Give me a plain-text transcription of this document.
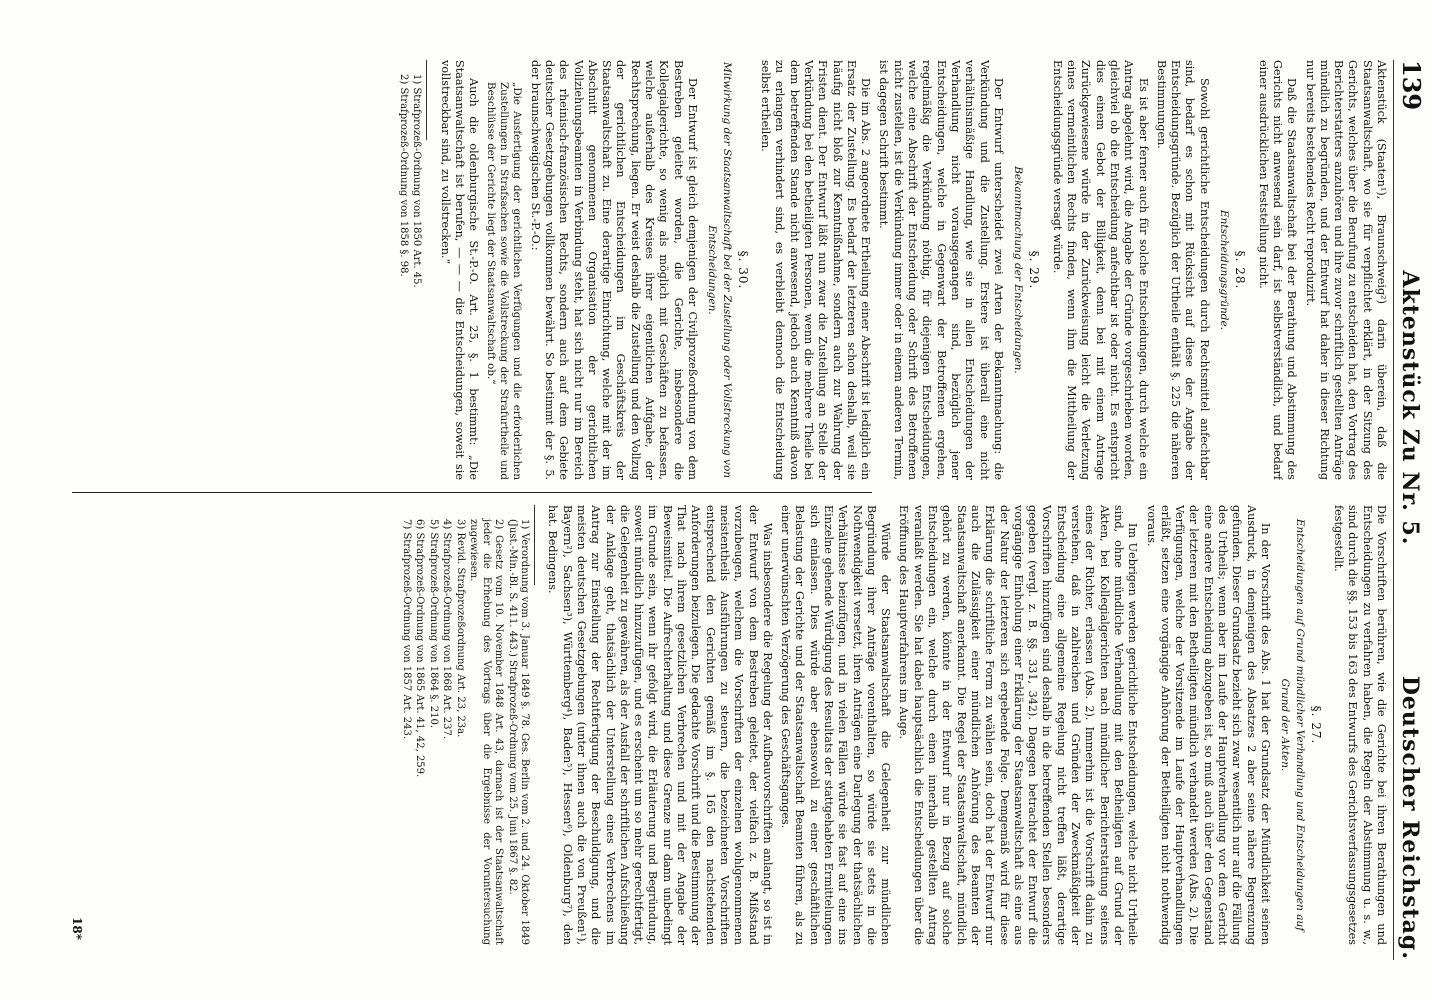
139
Aktenstück Zu Nr. 5.
Deutscher Reichstag.

Aktenstück (Staaten¹), Braunschweig²) darin überein, daß die Staatsanwaltschaft, wo sie für verpflichtet erklärt, in der Sitzung des Gerichts, welches über die Berufung zu entscheiden hat, den Vortrag des Berichterstatters anzuhören und ihre zuvor schriftlich gestellten Anträge mündlich zu begründen, und der Entwurf hat daher in dieser Richtung nur bereits bestehendes Recht reproduzirt.

Daß die Staatsanwaltschaft bei der Berathung und Abstimmung des Gerichts nicht anwesend sein darf, ist selbstverständlich, und bedarf einer ausdrücklichen Feststellung nicht.

§. 28.
Entscheidungsgründe.

Sowohl gerichtliche Entscheidungen durch Rechtsmittel anfechtbar sind, bedarf es schon mit Rücksicht auf diese der Angabe der Entscheidungsgründe. Bezüglich der Urtheile enthält §. 225 die näheren Bestimmungen.

Es ist aber ferner auch für solche Entscheidungen, durch welche ein Antrag abgelehnt wird, die Angabe der Gründe vorgeschrieben worden, gleichviel ob die Entscheidung anfechtbar ist oder nicht. Es entspricht dies einem Gebot der Billigkeit, denn bei mit einem Antrage Zurückgewiesene würde in der Zurückweisung leicht die Verletzung eines vermeintlichen Rechts finden, wenn ihm die Mittheilung der Entscheidungsgründe versagt würde.

§. 29.
Bekanntmachung der Entscheidungen.

Der Entwurf unterscheidet zwei Arten der Bekanntmachung: die Verkündung und die Zustellung. Erstere ist überall eine nicht verhältnismäßige Handlung, wie sie in allen Entscheidungen der Verhandlung nicht vorausgegangen sind, bezüglich jener Entscheidungen, welche in Gegenwart der Betroffenen ergehen, regelmäßig die Verkündung nöthig, für diejenigen Entscheidungen, welche eine Abschrift der Entscheidung oder Schrift des Betroffenen nicht zustellen, ist die Verkündung immer oder in einem anderen Termin, ist dagegen Schrift bestimmt.

Die im Abs. 2 angeordnete Ertheilung einer Abschrift ist lediglich ein Ersatz der Zustellung. Es bedarf der letzteren schon deshalb, weil sie häufig nicht bloß zur Kenntnißnahme, sondern auch zur Wahrung der Fristen dient. Der Entwurf läßt nun zwar die Zustellung an Stelle der Verkündung bei den betheiligten Personen, wenn die mehrere Theile bei dem betreffenden Stande nicht anwesend, jedoch auch Kenntniß davon zu erlangen verhindert sind, es verbleibt dennoch die Entscheidung selbst ertheilen.

§. 30.
Mitwirkung der Staatsanwaltschaft bei der Zustellung oder Vollstreckung von Entscheidungen.

Der Entwurf ist gleich demjenigen der Civilprozeßordnung von dem Bestreben geleitet worden, die Gerichte, insbesondere die Kollegialgerichte, so wenig als möglich mit Geschäften zu befassen, welche außerhalb des Kreises ihrer eigentlichen Aufgabe, der Rechtsprechung, liegen. Er weist deshalb die Zustellung und den Vollzug der gerichtlichen Entscheidungen im Geschäftskreis der Staatsanwaltschaft zu. Eine derartige Einrichtung, welche mit der im Abschnitt genommenen Organisation der gerichtlichen Vollziehungsbeamten in Verbindung steht, hat sich nicht nur im Bereich des rheinisch-französischen Rechts, sondern auch auf dem Gebiete deutscher Gesetzgebungen vollkommen bewährt. So bestimmt der §. 5. der braunschweigischen St.-P.-O.:

„Die Ausfertigung der gerichtlichen Verfügungen und die erforderlichen Zustellungen in Strafsachen sowie die Vollstreckung der Strafurtheile und Beschlüsse der Gerichte liegt der Staatsanwaltschaft ob.“

Auch die oldenburgische St.-P.-O. Art. 25, §. 1 bestimmt: „Die Staatsanwaltschaft ist berufen, — — — die Entscheidungen, soweit sie vollstreckbar sind, zu vollstrecken.“

1) Strafprozeß-Ordnung von 1850 Art. 45.

2) Strafprozeß-Ordnung von 1858 §. 98.

Die Vorschriften berühren, wie die Gerichte bei ihren Berathungen und Entscheidungen zu verfahren haben, die Regeln der Abstimmung u. s. w., sind durch die §§. 153 bis 163 des Entwurfs des Gerichtsverfassungsgesetzes festgestellt.

§. 27.
Entscheidungen auf Grund mündlicher Verhandlung und Entscheidungen auf Grund der Akten.

In der Vorschrift des Abs. 1 hat der Grundsatz der Mündlichkeit seinen Ausdruck, in demjenigen des Absatzes 2 aber seine nähere Begrenzung gefunden. Dieser Grundsatz bezieht sich zwar wesentlich nur auf die Fällung des Urtheils; wenn aber im Laufe der Hauptverhandlung vor dem Gericht eine andere Entscheidung abzugeben ist, so muß auch über den Gegenstand der letzteren mit den Betheiligten mündlich verhandelt werden (Abs. 2). Die Verfügungen, welche der Vorsitzende im Laufe der Hauptverhandlungen erläßt, setzen eine vorgängige Anhörung der Betheiligten nicht nothwendig voraus.

Im Uebrigen werden gerichtliche Entscheidungen, welche nicht Urtheile sind, ohne mündliche Verhandlung mit den Betheiligten auf Grund der Akten, bei Kollegialgerichten nach mündlicher Berichterstattung seitens eines der Richter, erlassen (Abs. 2). Immerhin ist die Vorschrift dahin zu verstehen, daß in zahlreichen und Gründen der Zweckmäßigkeit der Entscheidung eine allgemeine Regelung nicht treffen läßt, derartige Vorschriften hinzufügen sind deshalb in die betreffenden Stellen besonders gegeben (vergl. z. B. §§. 331, 342). Dagegen betrachtet der Entwurf die vorgängige Einholung einer Erklärung der Staatsanwaltschaft als eine aus der Natur der letzteren sich ergebende Folge. Demgemäß wird für diese Erklärung die schriftliche Form zu wählen sein, doch hat der Entwurf nur auch die Zulässigkeit einer mündlichen Anhörung des Beamten der Staatsanwaltschaft anerkannt. Die Regel der Staatsanwaltschaft, mündlich gehört zu werden, könnte in der Entwurf nur in Bezug auf solche Entscheidungen ein, welche durch einen innerhalb gestellten Antrag veranlaßt werden. Sie hat dabei hauptsächlich die Entscheidungen über die Eröffnung des Hauptverfahrens im Auge.

Würde der Staatsanwaltschaft die Gelegenheit zur mündlichen Begründung ihrer Anträge vorenthalten, so würde sie stets in die Nothwendigkeit versetzt, ihren Anträgen eine Darlegung der thatsächlichen Verhältnisse beizufügen, und in vielen Fällen würde sie fast auf eine ins Einzelne gehende Würdigung des Resultats der stattgehabten Ermittelungen sich einlassen. Dies würde aber ebensowohl zu einer geschäftlichen Belastung der Gerichte und der Staatsanwaltschaft Beamten führen, als zu einer unerwünschten Verzögerung des Geschäftsganges.

Was insbesondere die Regelung der Aufbauvorschriften anlangt, so ist in der Entwurf von dem Bestreben geleitet, der vielfach z. B. Mißstand vorzubeugen, welchem die Vorschriften der einzelnen wohlgenommenen meistentheils Ausführungen zu steuern, die bezeichneten Vorschriften entsprechend den Gerichten gemäß im §. 165 den nachstehenden Anforderungen beizulegen. Die gedachte Vorschrift und die Bestimmung der That nach ihrem gesetzlichen Verbrechen und mit der Angabe der Beweismittel. Die Aufrechterhaltung und diese Grenze nur dann unbedingt im Grunde sein, wenn ihr gefolgt wird, die Erläuterung und Begründung, soweit mündlich hinzuzufügen, und es erscheint um so mehr gerechtfertigt, die Gelegenheit zu gewähren, als der Ausfall der schriftlichen Aufschließung der Anklage geht, thatsächlich der Unterstellung eines Verbrechens im Antrag zur Einstellung der Rechtfertigung der Beschuldigung, und die meisten deutschen Gesetzgebungen (unter ihnen auch die von Preußen¹), Bayern²), Sachsen³), Württemberg⁴), Baden⁵), Hessen⁶), Oldenburg⁷), den hat. Bedingens.

1) Verordnung vom 3. Januar 1849 §. 78. Ges. Berlin vom 2. und 24. Oktober 1849 (Just.-Min.-Bl. S. 411. 443.) Strafprozeß-Ordnung vom 25. Juni 1867 §. 82.

2) Gesetz vom 10. November 1848 Art. 43, darnach ist der Staatsanwaltschaft jeder die Erhebung des Vortrags über die Ergebnisse der Voruntersuchung zugewiesen.

3) Revid. Strafprozeßordnung Art. 23, 23a.

4) Strafprozeß-Ordnung von 1868 Art. 237.

5) Strafprozeß-Ordnung von 1864 §. 210.

6) Strafprozeß-Ordnung von 1865 Art. 41, 42, 259.

7) Strafprozeß-Ordnung von 1857 Art. 243.

18*
